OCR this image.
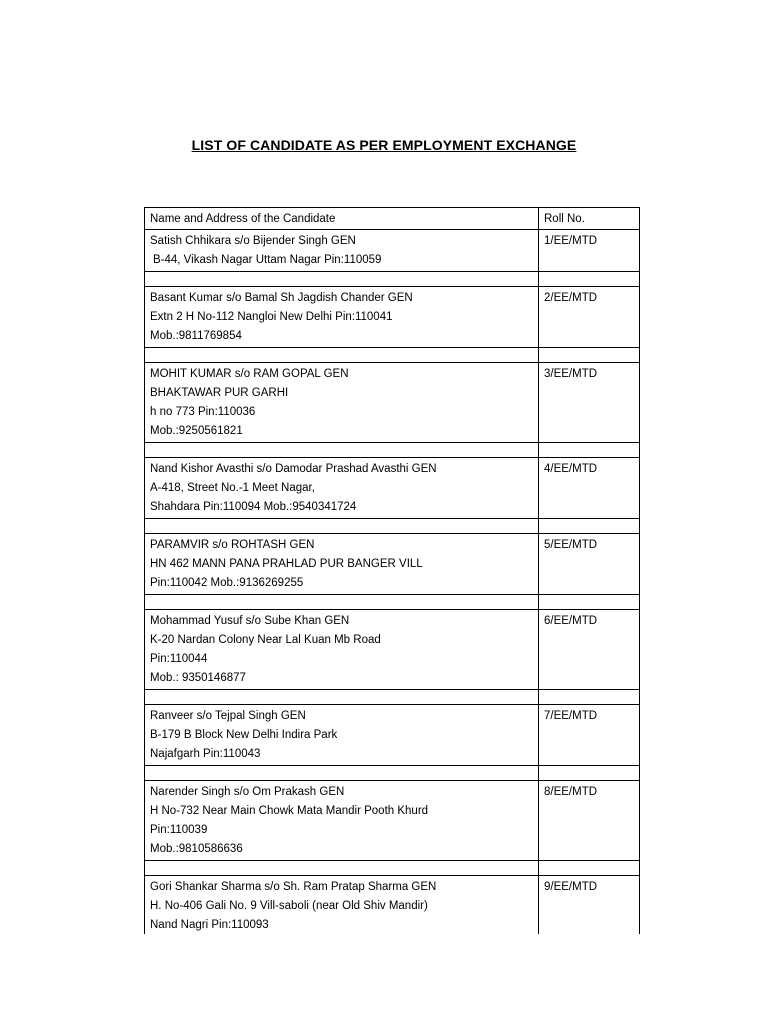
LIST OF CANDIDATE AS PER EMPLOYMENT EXCHANGE
Name and Address of the Candidate	Roll No.

Satish Chhikara s/o Bijender Singh GEN
B-44, Vikash Nagar Uttam Nagar Pin:110059	1/EE/MTD

Basant Kumar s/o Bamal Sh Jagdish Chander GEN
Extn 2 H No-112 Nangloi New Delhi Pin:110041
Mob.:9811769854	2/EE/MTD

MOHIT KUMAR s/o RAM GOPAL GEN
BHAKTAWAR PUR GARHI
h no 773 Pin:110036
Mob.:9250561821	3/EE/MTD

Nand Kishor Avasthi s/o Damodar Prashad Avasthi GEN
A-418, Street No.-1 Meet Nagar,
Shahdara Pin:110094 Mob.:9540341724	4/EE/MTD

PARAMVIR s/o ROHTASH GEN
HN 462 MANN PANA PRAHLAD PUR BANGER VILL
Pin:110042 Mob.:9136269255	5/EE/MTD

Mohammad Yusuf s/o Sube Khan GEN
K-20 Nardan Colony Near Lal Kuan Mb Road
Pin:110044
Mob.: 9350146877	6/EE/MTD

Ranveer s/o Tejpal Singh GEN
B-179 B Block New Delhi Indira Park
Najafgarh Pin:110043	7/EE/MTD

Narender Singh s/o Om Prakash GEN
H No-732 Near Main Chowk Mata Mandir Pooth Khurd
Pin:110039
Mob.:9810586636	8/EE/MTD

Gori Shankar Sharma s/o Sh. Ram Pratap Sharma GEN
H. No-406 Gali No. 9 Vill-saboli (near Old Shiv Mandir)
Nand Nagri Pin:110093	9/EE/MTD
